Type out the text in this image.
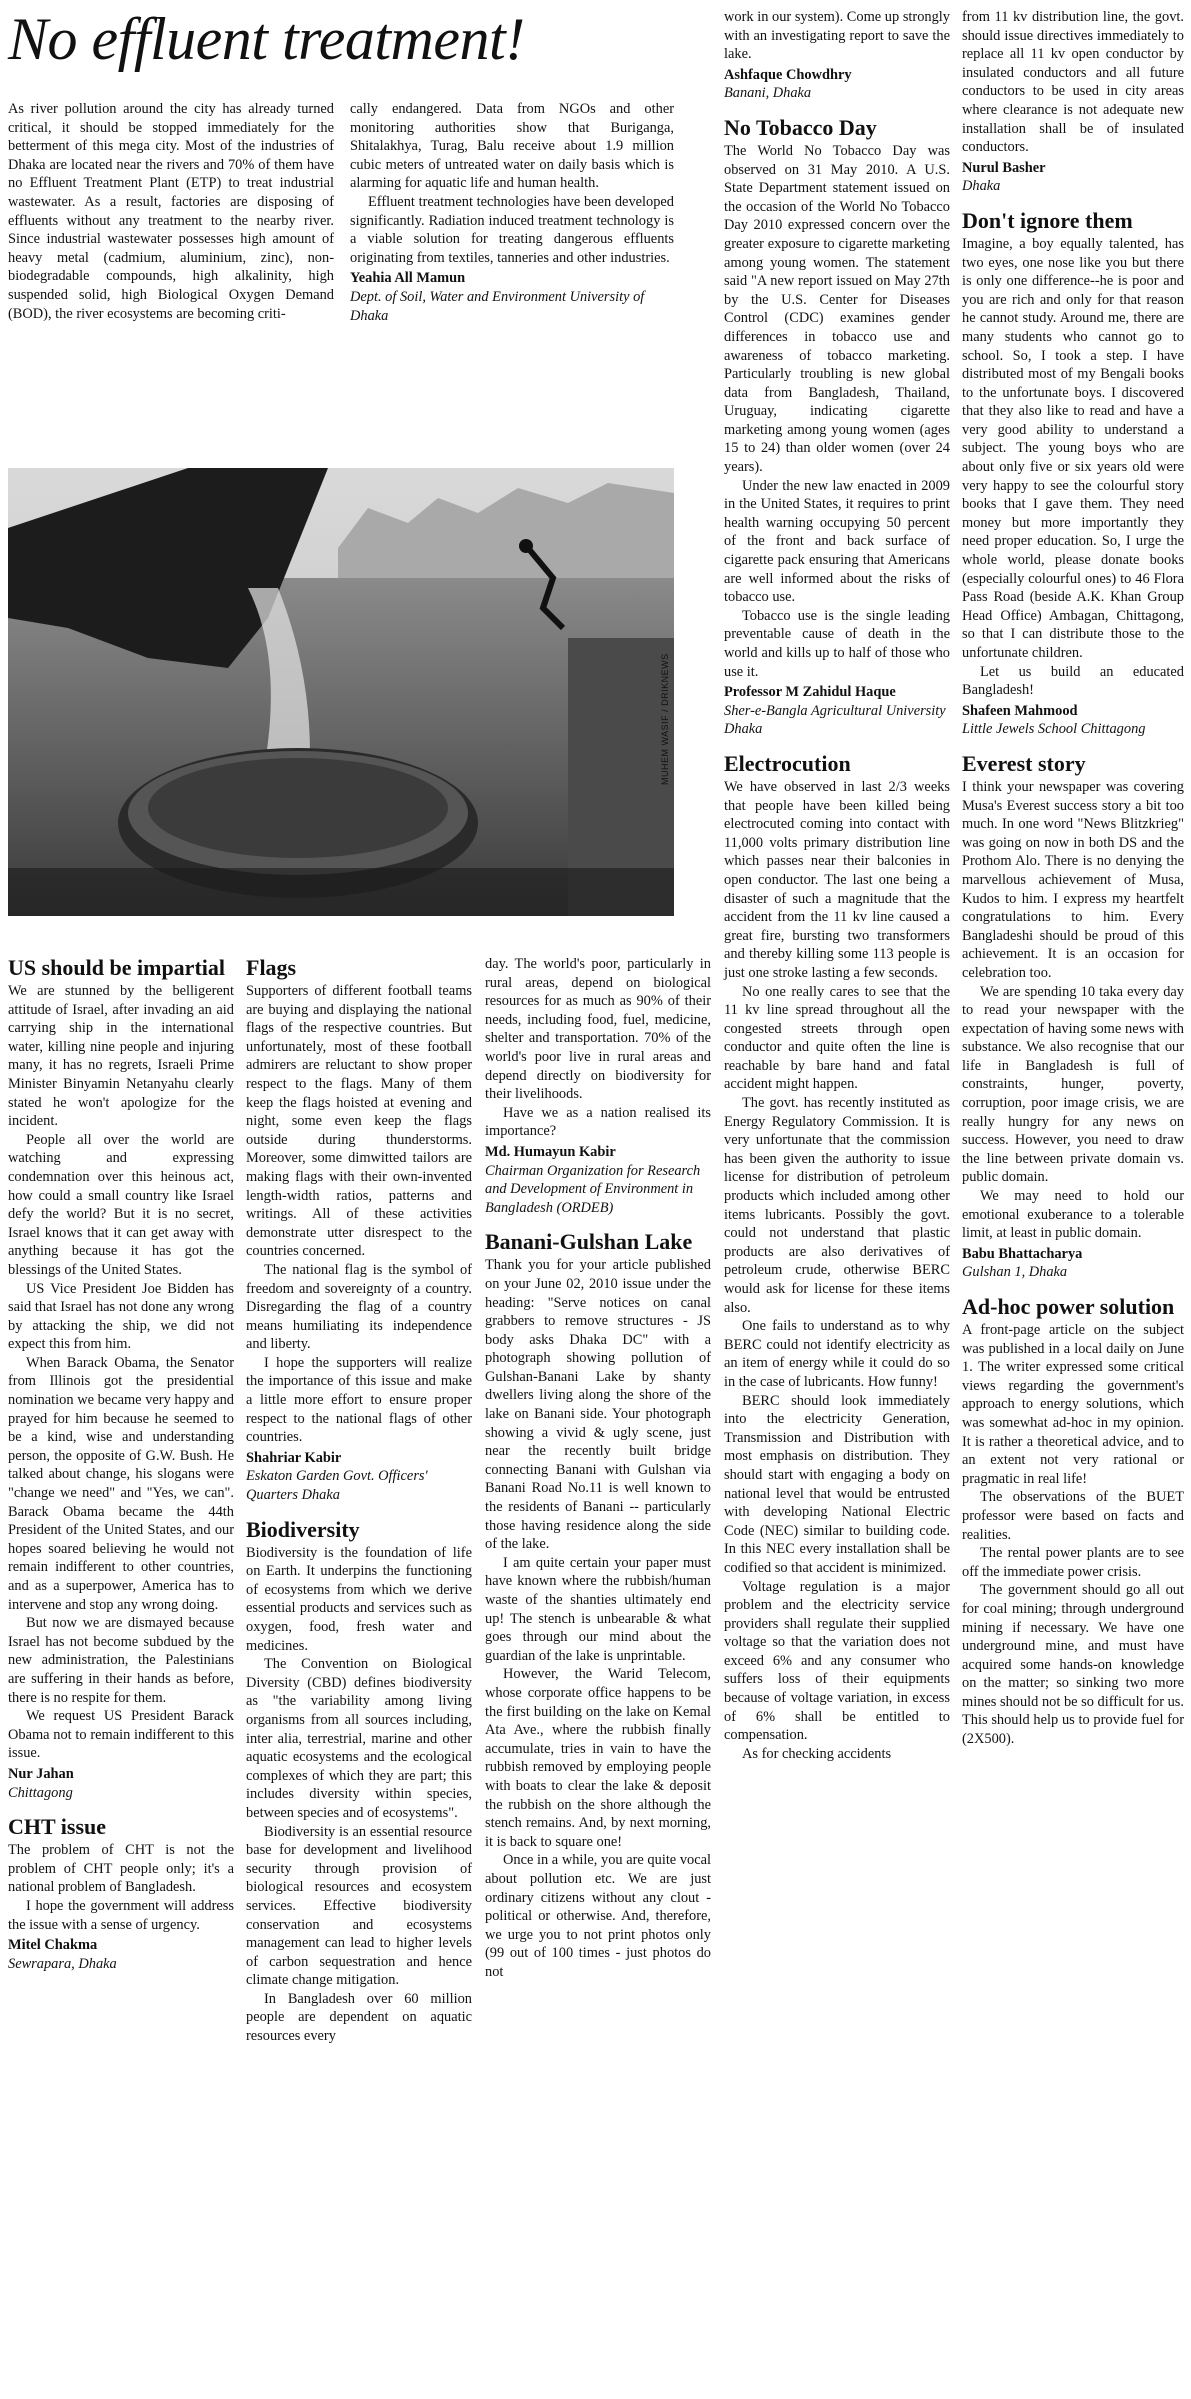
No effluent treatment!

As river pollution around the city has already turned critical, it should be stopped immediately for the betterment of this mega city. Most of the industries of Dhaka are located near the rivers and 70% of them have no Effluent Treatment Plant (ETP) to treat industrial wastewater. As a result, factories are disposing of effluents without any treatment to the nearby river. Since industrial wastewater possesses high amount of heavy metal (cadmium, aluminium, zinc), non-biodegradable compounds, high alkalinity, high suspended solid, high Biological Oxygen Demand (BOD), the river ecosystems are becoming criti-

cally endangered. Data from NGOs and other monitoring authorities show that Buriganga, Shitalakhya, Turag, Balu receive about 1.9 million cubic meters of untreated water on daily basis which is alarming for aquatic life and human health.

Effluent treatment technologies have been developed significantly. Radiation induced treatment technology is a viable solution for treating dangerous effluents originating from textiles, tanneries and other industries.

Yeahia All Mamun

Dept. of Soil, Water and Environment University of Dhaka

MUHEM WASIF / DRIKNEWS
US should be impartial

We are stunned by the belligerent attitude of Israel, after invading an aid carrying ship in the international water, killing nine people and injuring many, it has no regrets, Israeli Prime Minister Binyamin Netanyahu clearly stated he won't apologize for the incident.

People all over the world are watching and expressing condemnation over this heinous act, how could a small country like Israel defy the world? But it is no secret, Israel knows that it can get away with anything because it has got the blessings of the United States.

US Vice President Joe Bidden has said that Israel has not done any wrong by attacking the ship, we did not expect this from him.

When Barack Obama, the Senator from Illinois got the presidential nomination we became very happy and prayed for him because he seemed to be a kind, wise and understanding person, the opposite of G.W. Bush. He talked about change, his slogans were "change we need" and "Yes, we can". Barack Obama became the 44th President of the United States, and our hopes soared believing he would not remain indifferent to other countries, and as a superpower, America has to intervene and stop any wrong doing.

But now we are dismayed because Israel has not become subdued by the new administration, the Palestinians are suffering in their hands as before, there is no respite for them.

We request US President Barack Obama not to remain indifferent to this issue.

Nur Jahan

Chittagong

CHT issue

The problem of CHT is not the problem of CHT people only; it's a national problem of Bangladesh.

I hope the government will address the issue with a sense of urgency.

Mitel Chakma

Sewrapara, Dhaka

Flags

Supporters of different football teams are buying and displaying the national flags of the respective countries. But unfortunately, most of these football admirers are reluctant to show proper respect to the flags. Many of them keep the flags hoisted at evening and night, some even keep the flags outside during thunderstorms. Moreover, some dimwitted tailors are making flags with their own-invented length-width ratios, patterns and writings. All of these activities demonstrate utter disrespect to the countries concerned.

The national flag is the symbol of freedom and sovereignty of a country. Disregarding the flag of a country means humiliating its independence and liberty.

I hope the supporters will realize the importance of this issue and make a little more effort to ensure proper respect to the national flags of other countries.

Shahriar Kabir

Eskaton Garden Govt. Officers' Quarters Dhaka

Biodiversity

Biodiversity is the foundation of life on Earth. It underpins the functioning of ecosystems from which we derive essential products and services such as oxygen, food, fresh water and medicines.

The Convention on Biological Diversity (CBD) defines biodiversity as "the variability among living organisms from all sources including, inter alia, terrestrial, marine and other aquatic ecosystems and the ecological complexes of which they are part; this includes diversity within species, between species and of ecosystems".

Biodiversity is an essential resource base for development and livelihood security through provision of biological resources and ecosystem services. Effective biodiversity conservation and ecosystems management can lead to higher levels of carbon sequestration and hence climate change mitigation.

In Bangladesh over 60 million people are dependent on aquatic resources every

day. The world's poor, particularly in rural areas, depend on biological resources for as much as 90% of their needs, including food, fuel, medicine, shelter and transportation. 70% of the world's poor live in rural areas and depend directly on biodiversity for their livelihoods.

Have we as a nation realised its importance?

Md. Humayun Kabir

Chairman Organization for Research and Development of Environment in Bangladesh (ORDEB)

Banani-Gulshan Lake

Thank you for your article published on your June 02, 2010 issue under the heading: "Serve notices on canal grabbers to remove structures - JS body asks Dhaka DC" with a photograph showing pollution of Gulshan-Banani Lake by shanty dwellers living along the shore of the lake on Banani side. Your photograph showing a vivid & ugly scene, just near the recently built bridge connecting Banani with Gulshan via Banani Road No.11 is well known to the residents of Banani -- particularly those having residence along the side of the lake.

I am quite certain your paper must have known where the rubbish/human waste of the shanties ultimately end up! The stench is unbearable & what goes through our mind about the guardian of the lake is unprintable.

However, the Warid Telecom, whose corporate office happens to be the first building on the lake on Kemal Ata Ave., where the rubbish finally accumulate, tries in vain to have the rubbish removed by employing people with boats to clear the lake & deposit the rubbish on the shore although the stench remains. And, by next morning, it is back to square one!

Once in a while, you are quite vocal about pollution etc. We are just ordinary citizens without any clout - political or otherwise. And, therefore, we urge you to not print photos only (99 out of 100 times - just photos do not

work in our system). Come up strongly with an investigating report to save the lake.

Ashfaque Chowdhry

Banani, Dhaka

No Tobacco Day

The World No Tobacco Day was observed on 31 May 2010. A U.S. State Department statement issued on the occasion of the World No Tobacco Day 2010 expressed concern over the greater exposure to cigarette marketing among young women. The statement said "A new report issued on May 27th by the U.S. Center for Diseases Control (CDC) examines gender differences in tobacco use and awareness of tobacco marketing. Particularly troubling is new global data from Bangladesh, Thailand, Uruguay, indicating cigarette marketing among young women (ages 15 to 24) than older women (over 24 years).

Under the new law enacted in 2009 in the United States, it requires to print health warning occupying 50 percent of the front and back surface of cigarette pack ensuring that Americans are well informed about the risks of tobacco use.

Tobacco use is the single leading preventable cause of death in the world and kills up to half of those who use it.

Professor M Zahidul Haque

Sher-e-Bangla Agricultural University Dhaka

Electrocution

We have observed in last 2/3 weeks that people have been killed being electrocuted coming into contact with 11,000 volts primary distribution line which passes near their balconies in open conductor. The last one being a disaster of such a magnitude that the accident from the 11 kv line caused a great fire, bursting two transformers and thereby killing some 113 people is just one stroke lasting a few seconds.

No one really cares to see that the 11 kv line spread throughout all the congested streets through open conductor and quite often the line is reachable by bare hand and fatal accident might happen.

The govt. has recently instituted as Energy Regulatory Commission. It is very unfortunate that the commission has been given the authority to issue license for distribution of petroleum products which included among other items lubricants. Possibly the govt. could not understand that plastic products are also derivatives of petroleum crude, otherwise BERC would ask for license for these items also.

One fails to understand as to why BERC could not identify electricity as an item of energy while it could do so in the case of lubricants. How funny!

BERC should look immediately into the electricity Generation, Transmission and Distribution with most emphasis on distribution. They should start with engaging a body on national level that would be entrusted with developing National Electric Code (NEC) similar to building code. In this NEC every installation shall be codified so that accident is minimized.

Voltage regulation is a major problem and the electricity service providers shall regulate their supplied voltage so that the variation does not exceed 6% and any consumer who suffers loss of their equipments because of voltage variation, in excess of 6% shall be entitled to compensation.

As for checking accidents

from 11 kv distribution line, the govt. should issue directives immediately to replace all 11 kv open conductor by insulated conductors and all future conductors to be used in city areas where clearance is not adequate new installation shall be of insulated conductors.

Nurul Basher

Dhaka

Don't ignore them

Imagine, a boy equally talented, has two eyes, one nose like you but there is only one difference--he is poor and you are rich and only for that reason he cannot study. Around me, there are many students who cannot go to school. So, I took a step. I have distributed most of my Bengali books to the unfortunate boys. I discovered that they also like to read and have a very good ability to understand a subject. The young boys who are about only five or six years old were very happy to see the colourful story books that I gave them. They need money but more importantly they need proper education. So, I urge the whole world, please donate books (especially colourful ones) to 46 Flora Pass Road (beside A.K. Khan Group Head Office) Ambagan, Chittagong, so that I can distribute those to the unfortunate children.

Let us build an educated Bangladesh!

Shafeen Mahmood

Little Jewels School Chittagong

Everest story

I think your newspaper was covering Musa's Everest success story a bit too much. In one word "News Blitzkrieg" was going on now in both DS and the Prothom Alo. There is no denying the marvellous achievement of Musa, Kudos to him. I express my heartfelt congratulations to him. Every Bangladeshi should be proud of this achievement. It is an occasion for celebration too.

We are spending 10 taka every day to read your newspaper with the expectation of having some news with substance. We also recognise that our life in Bangladesh is full of constraints, hunger, poverty, corruption, poor image crisis, we are really hungry for any news on success. However, you need to draw the line between private domain vs. public domain.

We may need to hold our emotional exuberance to a tolerable limit, at least in public domain.

Babu Bhattacharya

Gulshan 1, Dhaka

Ad-hoc power solution

A front-page article on the subject was published in a local daily on June 1. The writer expressed some critical views regarding the government's approach to energy solutions, which was somewhat ad-hoc in my opinion. It is rather a theoretical advice, and to an extent not very rational or pragmatic in real life!

The observations of the BUET professor were based on facts and realities.

The rental power plants are to see off the immediate power crisis.

The government should go all out for coal mining; through underground mining if necessary. We have one underground mine, and must have acquired some hands-on knowledge on the matter; so sinking two more mines should not be so difficult for us. This should help us to provide fuel for (2X500).
